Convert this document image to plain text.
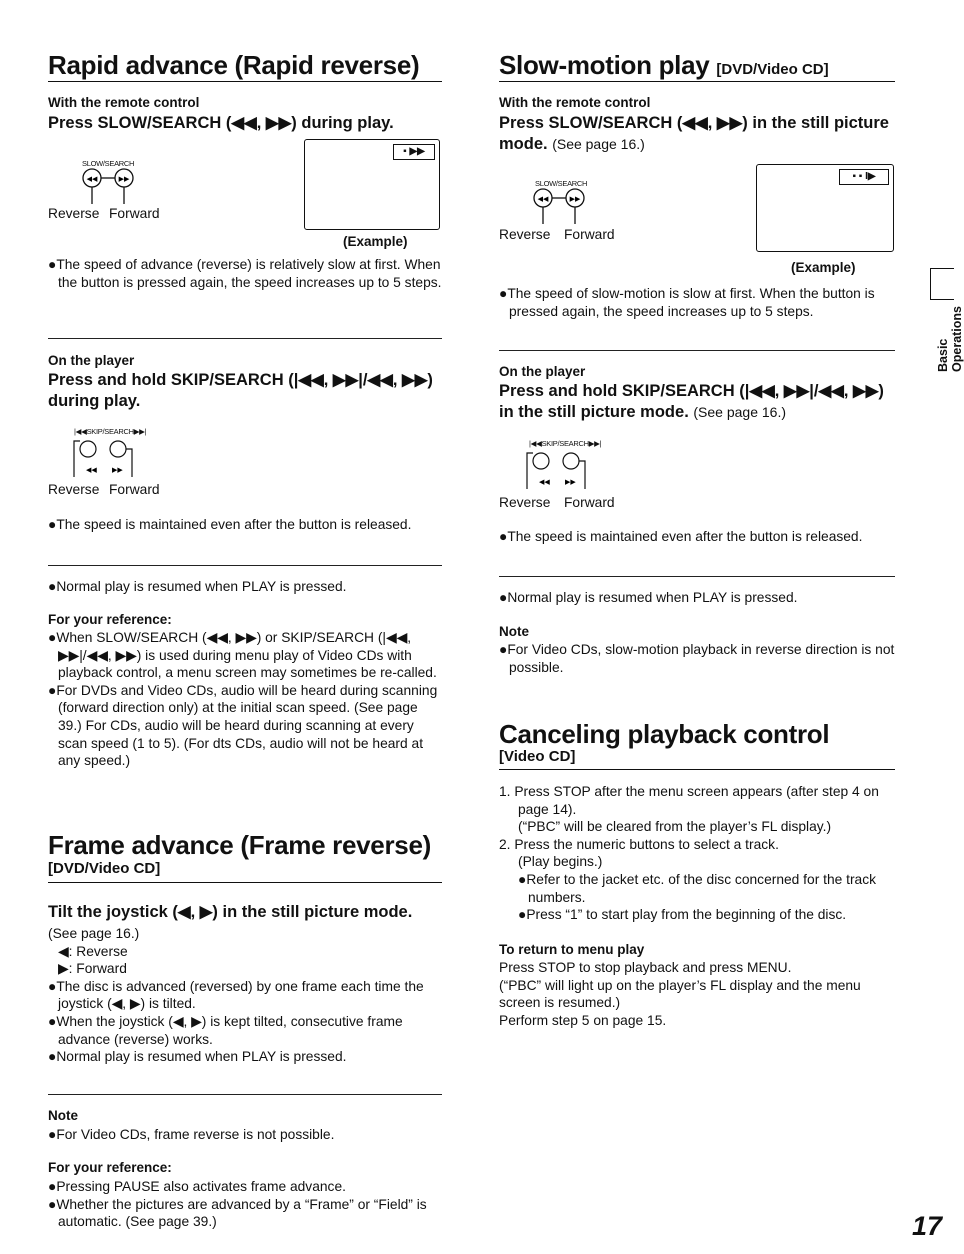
Rapid advance (Rapid reverse)
With the remote control
Press SLOW/SEARCH (◀◀, ▶▶) during play.
SLOW/SEARCH
◀◀	▶▶
Reverse Forward
▪ ▶▶
(Example)
●The speed of advance (reverse) is relatively slow at first. When the button is pressed again, the speed increases up to 5 steps.
On the player
Press and hold SKIP/SEARCH (|◀◀, ▶▶|/◀◀, ▶▶) during play.
|◀◀SKIP/SEARCH▶▶|
◀◀ ▶▶
Reverse Forward
●The speed is maintained even after the button is released.
●Normal play is resumed when PLAY is pressed.
For your reference:
●When SLOW/SEARCH (◀◀, ▶▶) or SKIP/SEARCH (|◀◀, ▶▶|/◀◀, ▶▶) is used during menu play of Video CDs with playback control, a menu screen may sometimes be re-called.
●For DVDs and Video CDs, audio will be heard during scanning (forward direction only) at the initial scan speed. (See page 39.) For CDs, audio will be heard during scanning at every scan speed (1 to 5). (For dts CDs, audio will not be heard at any speed.)
Frame advance (Frame reverse)
[DVD/Video CD]
Tilt the joystick (◀, ▶) in the still picture mode.
(See page 16.)
◀: Reverse
▶: Forward
●The disc is advanced (reversed) by one frame each time the joystick (◀, ▶) is tilted.
●When the joystick (◀, ▶) is kept tilted, consecutive frame advance (reverse) works.
●Normal play is resumed when PLAY is pressed.
Note
●For Video CDs, frame reverse is not possible.
For your reference:
●Pressing PAUSE also activates frame advance.
●Whether the pictures are advanced by a “Frame” or “Field” is automatic. (See page 39.)
Slow-motion play [DVD/Video CD]
With the remote control
Press SLOW/SEARCH (◀◀, ▶▶) in the still picture mode. (See page 16.)
SLOW/SEARCH
◀◀	▶▶
Reverse Forward
▪ ▪ I▶
(Example)
●The speed of slow-motion is slow at first. When the button is pressed again, the speed increases up to 5 steps.
On the player
Press and hold SKIP/SEARCH (|◀◀, ▶▶|/◀◀, ▶▶) in the still picture mode. (See page 16.)
|◀◀SKIP/SEARCH▶▶|
◀◀ ▶▶
Reverse Forward
●The speed is maintained even after the button is released.
●Normal play is resumed when PLAY is pressed.
Note
●For Video CDs, slow-motion playback in reverse direction is not possible.
Canceling playback control
[Video CD]
1. Press STOP after the menu screen appears (after step 4 on page 14).
(“PBC” will be cleared from the player’s FL display.)
2. Press the numeric buttons to select a track.
(Play begins.)
●Refer to the jacket etc. of the disc concerned for the track numbers.
●Press “1” to start play from the beginning of the disc.
To return to menu play
Press STOP to stop playback and press MENU.
(“PBC” will light up on the player’s FL display and the menu screen is resumed.)
Perform step 5 on page 15.
Basic Operations
17
